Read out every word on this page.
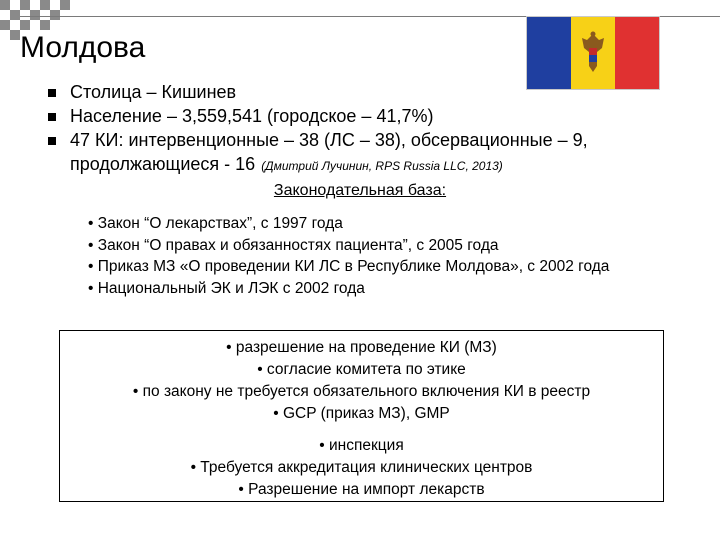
Молдова
Столица – Кишинев
Население – 3,559,541 (городское – 41,7%)
47 КИ: интервенционные – 38 (ЛС – 38), обсервационные – 9, продолжающиеся - 16 (Дмитрий Лучинин, RPS Russia LLC, 2013)
Законодательная база:

• Закон “О лекарствах”, с 1997 года

• Закон “О правах и обязанностях пациента”, с 2005 года

• Приказ МЗ «О проведении КИ ЛС в Республике Молдова», с 2002 года

• Национальный ЭК и ЛЭК с 2002 года

• разрешение на проведение КИ (МЗ)
• согласие комитета по этике
• по закону не требуется обязательного включения КИ в реестр
• GCP (приказ МЗ), GMP
• инспекция
• Требуется аккредитация клинических центров
• Разрешение на импорт лекарств
